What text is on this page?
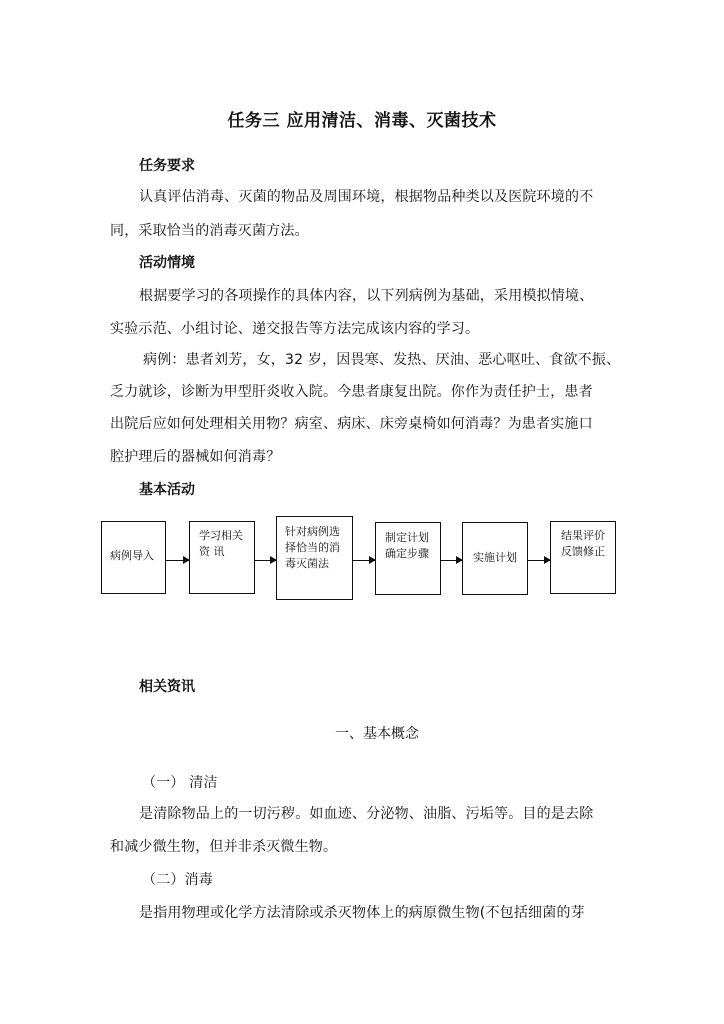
任务三 应用清洁、消毒、灭菌技术
任务要求
认真评估消毒、灭菌的物品及周围环境，根据物品种类以及医院环境的不
同，采取恰当的消毒灭菌方法。
活动情境
根据要学习的各项操作的具体内容，以下列病例为基础，采用模拟情境、
实验示范、小组讨论、递交报告等方法完成该内容的学习。
病例：患者刘芳，女，32 岁，因畏寒、发热、厌油、恶心呕吐、食欲不振、
乏力就诊，诊断为甲型肝炎收入院。今患者康复出院。你作为责任护士，患者
出院后应如何处理相关用物？病室、病床、床旁桌椅如何消毒？为患者实施口
腔护理后的器械如何消毒？
基本活动
病例导入
学习相关
资 讯
针对病例选
择恰当的消
毒灭菌法
制定计划
确定步骤	实施计划
结果评价
反馈修正
相关资讯
一、基本概念
（一） 清洁
是清除物品上的一切污秽。如血迹、分泌物、油脂、污垢等。目的是去除
和减少微生物，但并非杀灭微生物。
（二）消毒
是指用物理或化学方法清除或杀灭物体上的病原微生物(不包括细菌的芽
